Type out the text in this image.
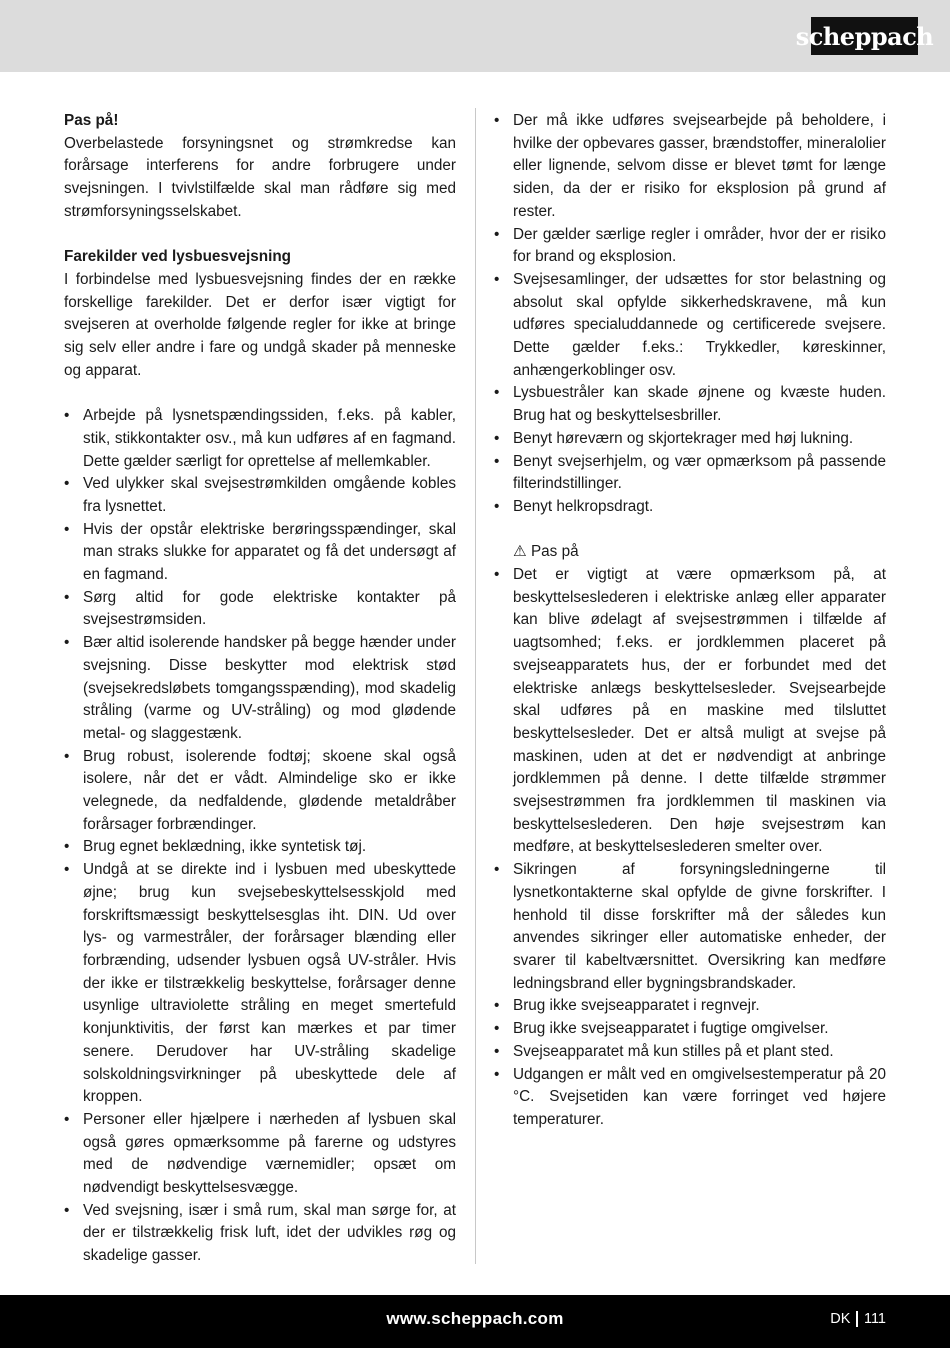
scheppach

Pas på!

Overbelastede forsyningsnet og strømkredse kan forårsage interferens for andre forbrugere under svejsningen. I tvivlstilfælde skal man rådføre sig med strømforsyningsselskabet.

Farekilder ved lysbuesvejsning

I forbindelse med lysbuesvejsning findes der en række forskellige farekilder. Det er derfor især vigtigt for svejseren at overholde følgende regler for ikke at bringe sig selv eller andre i fare og undgå skader på menneske og apparat.

• Arbejde på lysnetspændingssiden, f.eks. på kabler, stik, stikkontakter osv., må kun udføres af en fagmand. Dette gælder særligt for oprettelse af mellemkabler.
• Ved ulykker skal svejsestrømkilden omgående kobles fra lysnettet.
• Hvis der opstår elektriske berøringsspændinger, skal man straks slukke for apparatet og få det undersøgt af en fagmand.
• Sørg altid for gode elektriske kontakter på svejsestrømsiden.
• Bær altid isolerende handsker på begge hænder under svejsning. Disse beskytter mod elektrisk stød (svejsekredsløbets tomgangsspænding), mod skadelig stråling (varme og UV-stråling) og mod glødende metal- og slaggestænk.
• Brug robust, isolerende fodtøj; skoene skal også isolere, når det er vådt. Almindelige sko er ikke velegnede, da nedfaldende, glødende metaldråber forårsager forbrændinger.
• Brug egnet beklædning, ikke syntetisk tøj.
• Undgå at se direkte ind i lysbuen med ubeskyttede øjne; brug kun svejsebeskyttelsesskjold med forskriftsmæssigt beskyttelsesglas iht. DIN. Ud over lys- og varmestråler, der forårsager blænding eller forbrænding, udsender lysbuen også UV-stråler. Hvis der ikke er tilstrækkelig beskyttelse, forårsager denne usynlige ultraviolette stråling en meget smertefuld konjunktivitis, der først kan mærkes et par timer senere. Derudover har UV-stråling skadelige solskoldningsvirkninger på ubeskyttede dele af kroppen.
• Personer eller hjælpere i nærheden af lysbuen skal også gøres opmærksomme på farerne og udstyres med de nødvendige værnemidler; opsæt om nødvendigt beskyttelsesvægge.
• Ved svejsning, især i små rum, skal man sørge for, at der er tilstrækkelig frisk luft, idet der udvikles røg og skadelige gasser.
• Der må ikke udføres svejsearbejde på beholdere, i hvilke der opbevares gasser, brændstoffer, mineralolier eller lignende, selvom disse er blevet tømt for længe siden, da der er risiko for eksplosion på grund af rester.
• Der gælder særlige regler i områder, hvor der er risiko for brand og eksplosion.
• Svejsesamlinger, der udsættes for stor belastning og absolut skal opfylde sikkerhedskravene, må kun udføres specialuddannede og certificerede svejsere. Dette gælder f.eks.: Trykkedler, køreskinner, anhængerkoblinger osv.
• Lysbuestråler kan skade øjnene og kvæste huden. Brug hat og beskyttelsesbriller.
• Benyt høreværn og skjortekrager med høj lukning.
• Benyt svejserhjelm, og vær opmærksom på passende filterindstillinger.
• Benyt helkropsdragt.

⚠ Pas på

• Det er vigtigt at være opmærksom på, at beskyttelseslederen i elektriske anlæg eller apparater kan blive ødelagt af svejsestrømmen i tilfælde af uagtsomhed; f.eks. er jordklemmen placeret på svejseapparatets hus, der er forbundet med det elektriske anlægs beskyttelsesleder. Svejsearbejde skal udføres på en maskine med tilsluttet beskyttelsesleder. Det er altså muligt at svejse på maskinen, uden at det er nødvendigt at anbringe jordklemmen på denne. I dette tilfælde strømmer svejsestrømmen fra jordklemmen til maskinen via beskyttelseslederen. Den høje svejsestrøm kan medføre, at beskyttelseslederen smelter over.
• Sikringen af forsyningsledningerne til lysnetkontakterne skal opfylde de givne forskrifter. I henhold til disse forskrifter må der således kun anvendes sikringer eller automatiske enheder, der svarer til kabeltværsnittet. Oversikring kan medføre ledningsbrand eller bygningsbrandskader.
• Brug ikke svejseapparatet i regnvejr.
• Brug ikke svejseapparatet i fugtige omgivelser.
• Svejseapparatet må kun stilles på et plant sted.
• Udgangen er målt ved en omgivelsestemperatur på 20 °C. Svejsetiden kan være forringet ved højere temperaturer.
www.scheppach.com	DK 111
